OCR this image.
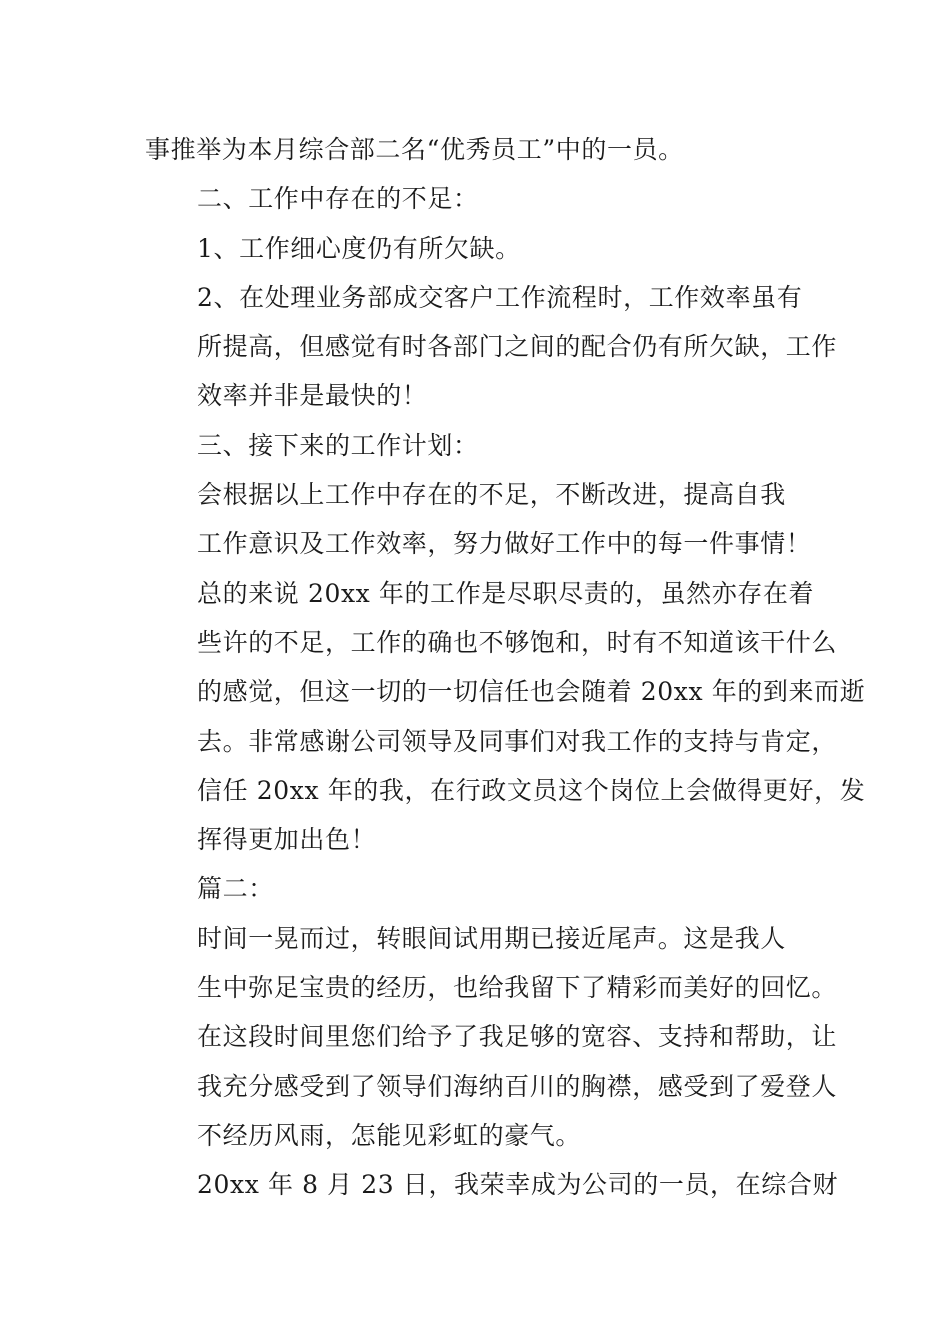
事推举为本月综合部二名“优秀员工”中的一员。
二、工作中存在的不足：
1、工作细心度仍有所欠缺。
2、在处理业务部成交客户工作流程时，工作效率虽有
所提高，但感觉有时各部门之间的配合仍有所欠缺，工作
效率并非是最快的！
三、接下来的工作计划：
会根据以上工作中存在的不足，不断改进，提高自我
工作意识及工作效率，努力做好工作中的每一件事情！
总的来说 20xx 年的工作是尽职尽责的，虽然亦存在着
些许的不足，工作的确也不够饱和，时有不知道该干什么
的感觉，但这一切的一切信任也会随着 20xx 年的到来而逝
去。非常感谢公司领导及同事们对我工作的支持与肯定，
信任 20xx 年的我，在行政文员这个岗位上会做得更好，发
挥得更加出色！
篇二：
时间一晃而过，转眼间试用期已接近尾声。这是我人
生中弥足宝贵的经历，也给我留下了精彩而美好的回忆。
在这段时间里您们给予了我足够的宽容、支持和帮助，让
我充分感受到了领导们海纳百川的胸襟，感受到了爱登人
不经历风雨，怎能见彩虹的豪气。
20xx 年 8 月 23 日，我荣幸成为公司的一员，在综合财
